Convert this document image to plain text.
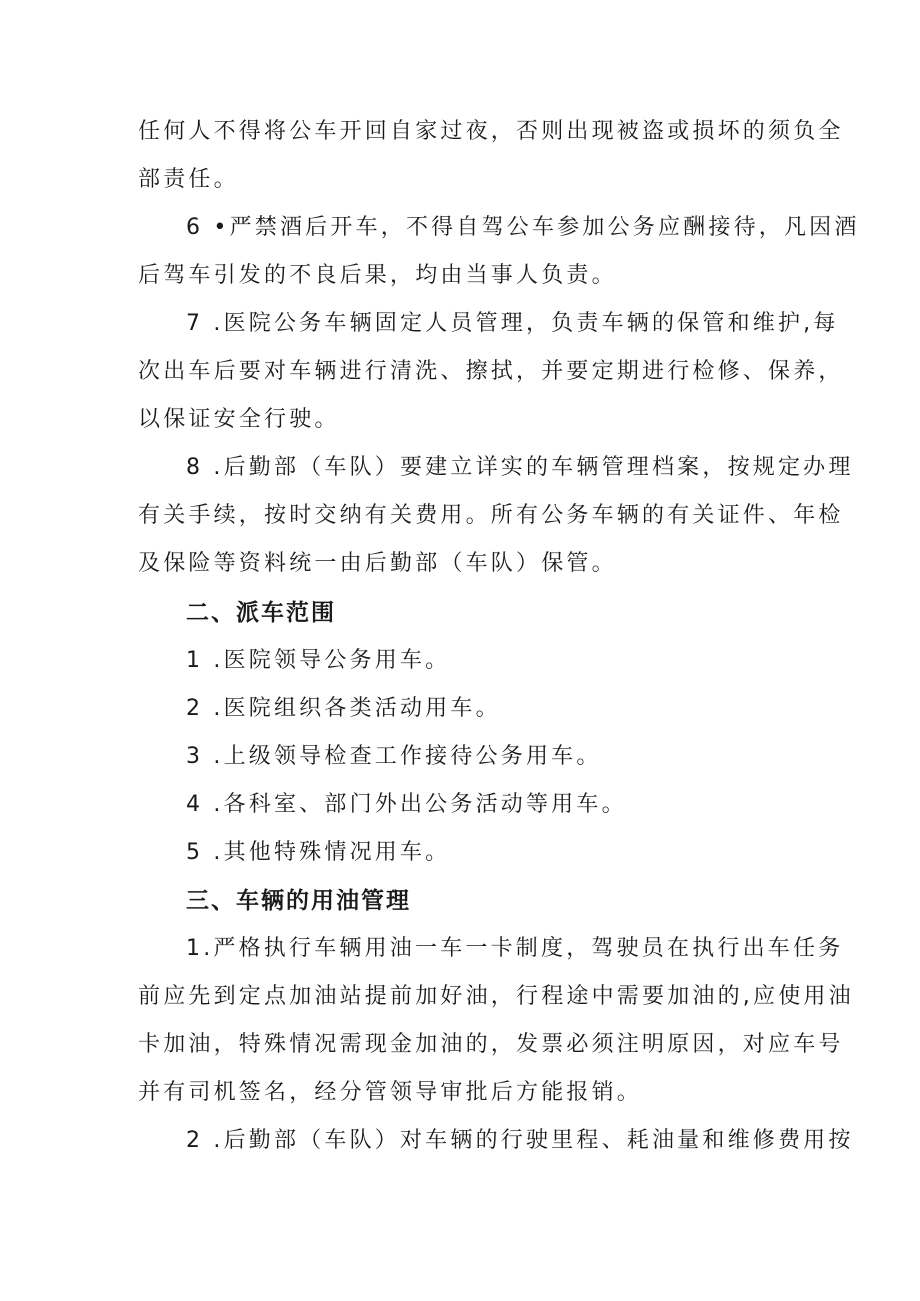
任何人不得将公车开回自家过夜，否则出现被盗或损坏的须负全
部责任。
6 •严禁酒后开车，不得自驾公车参加公务应酬接待，凡因酒
后驾车引发的不良后果，均由当事人负责。
7 .医院公务车辆固定人员管理，负责车辆的保管和维护,每
次出车后要对车辆进行清洗、擦拭，并要定期进行检修、保养，
以保证安全行驶。
8 .后勤部（车队）要建立详实的车辆管理档案，按规定办理
有关手续，按时交纳有关费用。所有公务车辆的有关证件、年检
及保险等资料统一由后勤部（车队）保管。
二、派车范围
1 .医院领导公务用车。
2 .医院组织各类活动用车。
3 .上级领导检查工作接待公务用车。
4 .各科室、部门外出公务活动等用车。
5 .其他特殊情况用车。
三、车辆的用油管理
1.严格执行车辆用油一车一卡制度，驾驶员在执行出车任务
前应先到定点加油站提前加好油，行程途中需要加油的,应使用油
卡加油，特殊情况需现金加油的，发票必须注明原因，对应车号
并有司机签名，经分管领导审批后方能报销。
2 .后勤部（车队）对车辆的行驶里程、耗油量和维修费用按
